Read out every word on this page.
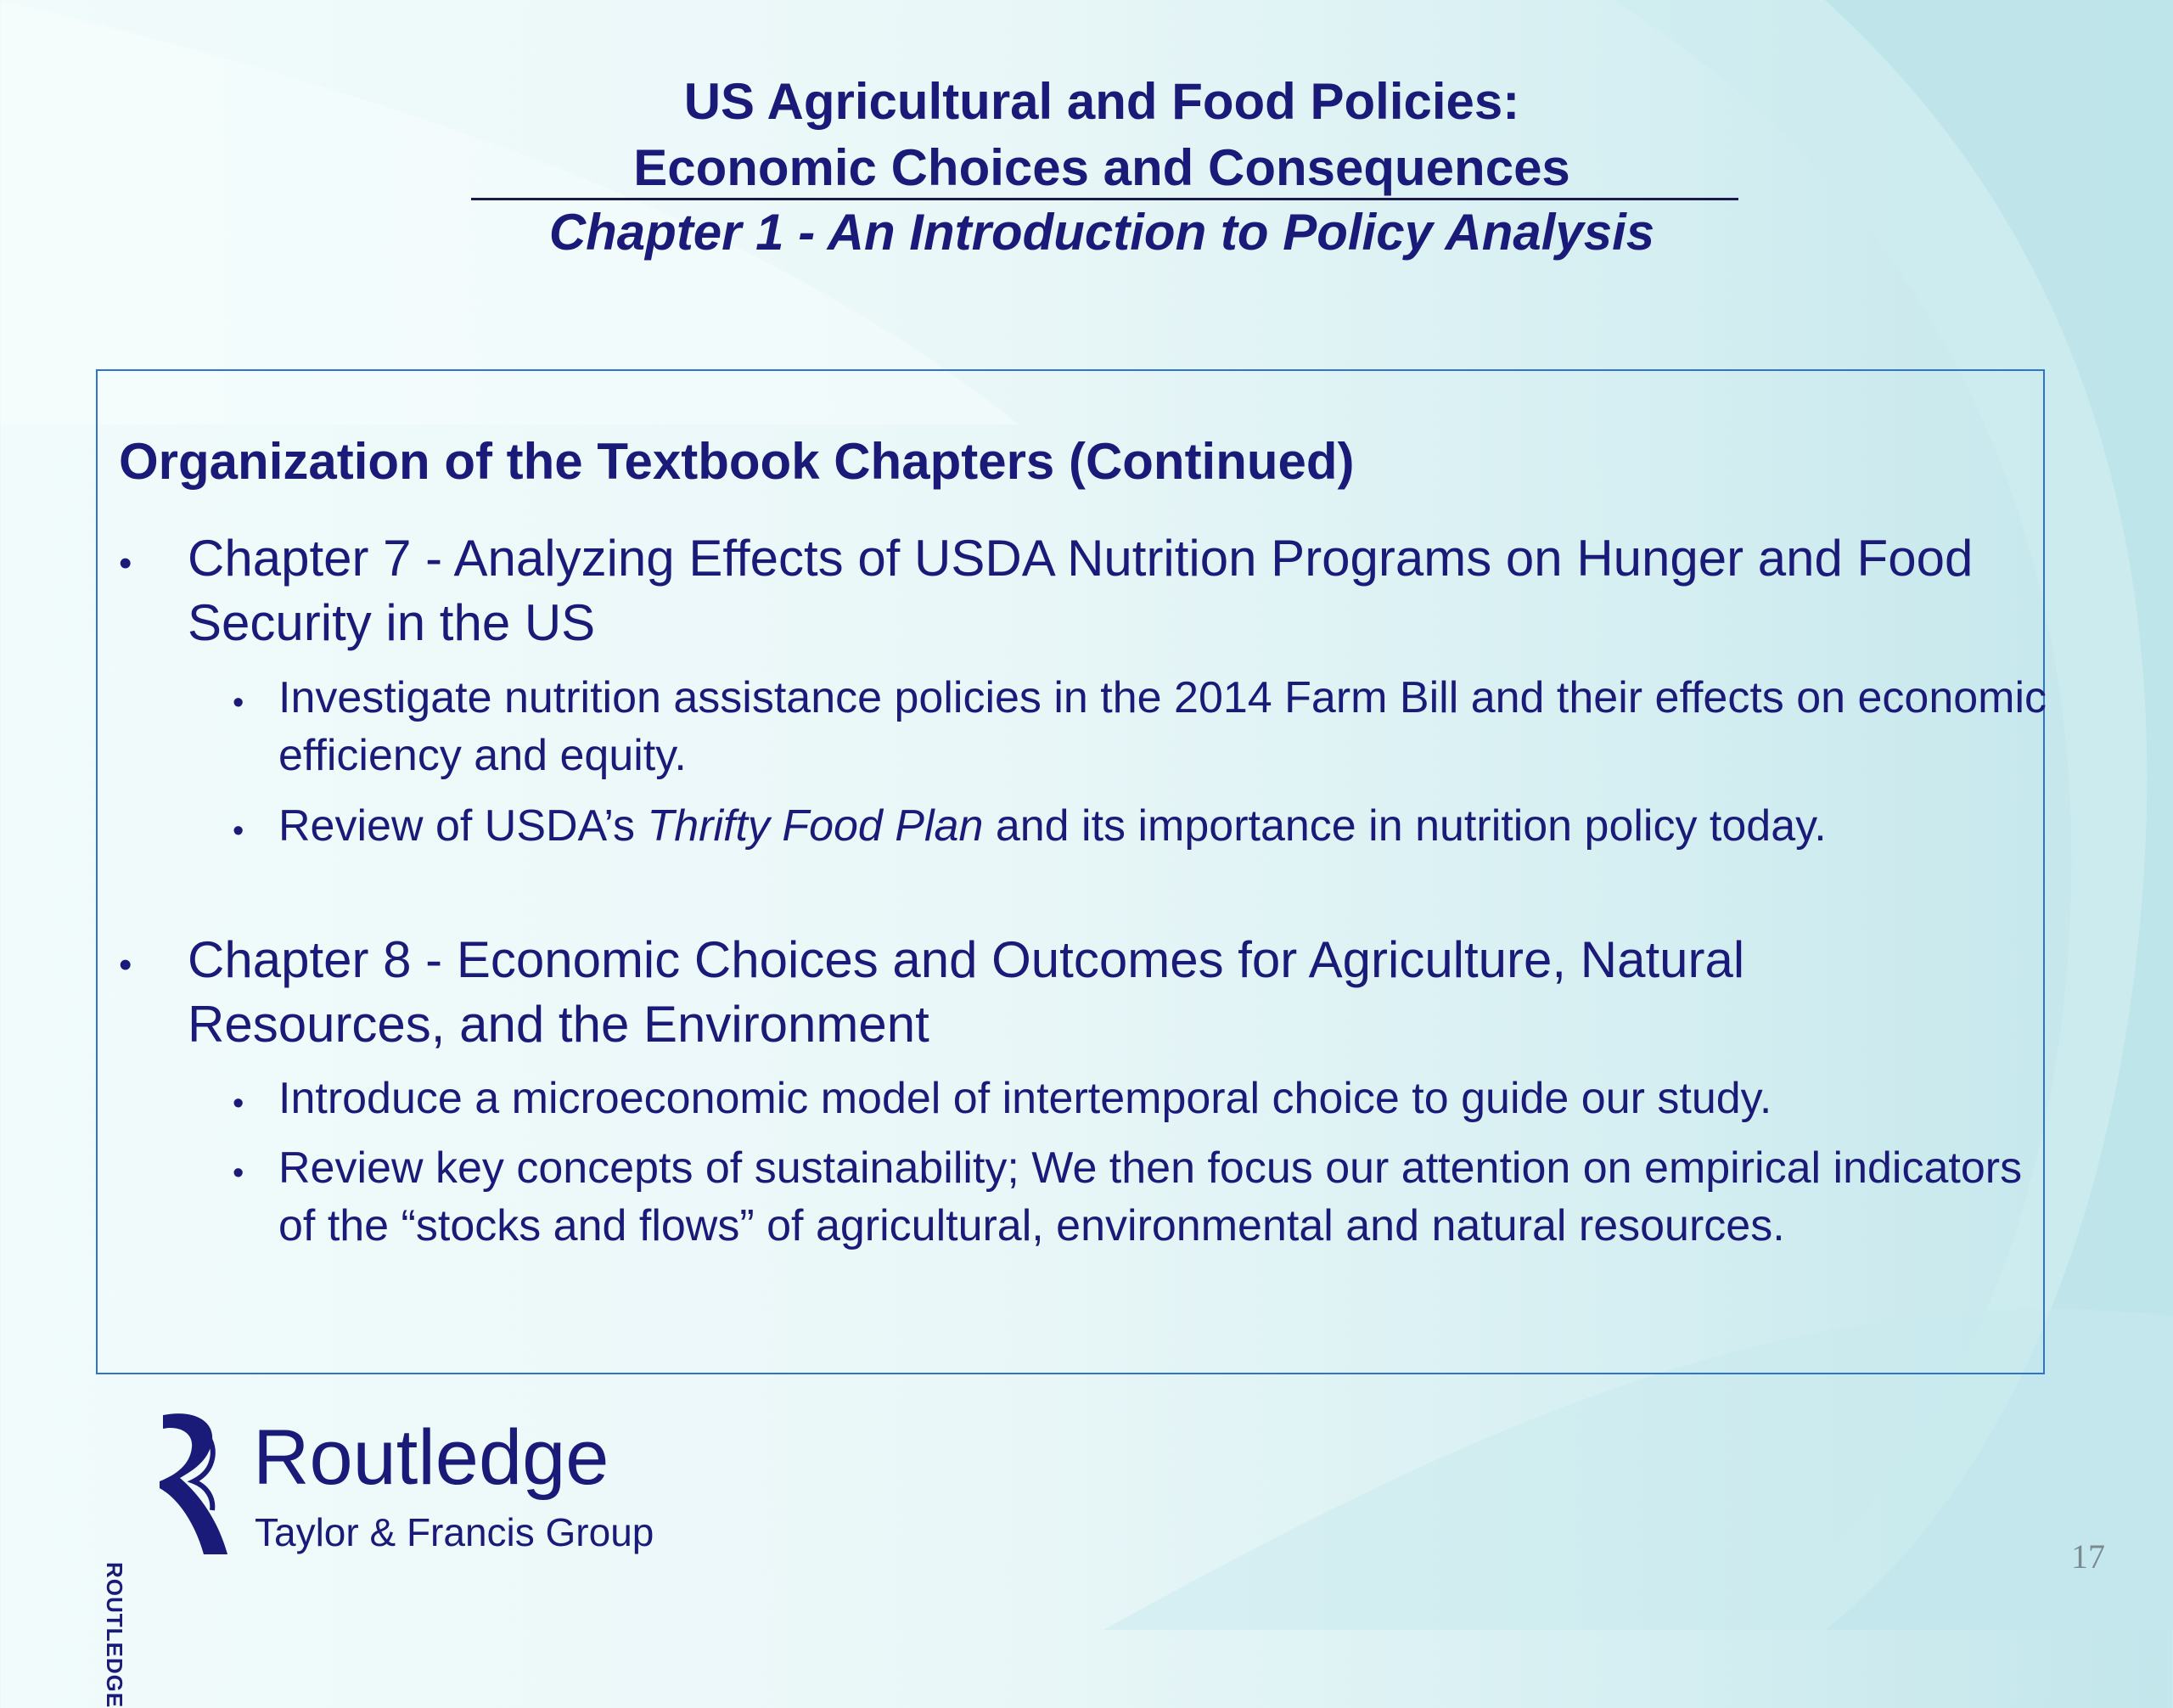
US Agricultural and Food Policies:
Economic Choices and Consequences
Chapter 1 - An Introduction to Policy Analysis
Organization of the Textbook Chapters (Continued)
• Chapter 7 - Analyzing Effects of USDA Nutrition Programs on Hunger and Food Security in the US
• Investigate nutrition assistance policies in the 2014 Farm Bill and their effects on economic efficiency and equity.
• Review of USDA’s Thrifty Food Plan and its importance in nutrition policy today.
• Chapter 8 - Economic Choices and Outcomes for Agriculture, Natural Resources, and the Environment
• Introduce a microeconomic model of intertemporal choice to guide our study.
• Review key concepts of sustainability; We then focus our attention on empirical indicators of the “stocks and flows” of agricultural, environmental and natural resources.
ROUTLEDGE
Routledge
Taylor & Francis Group
17
